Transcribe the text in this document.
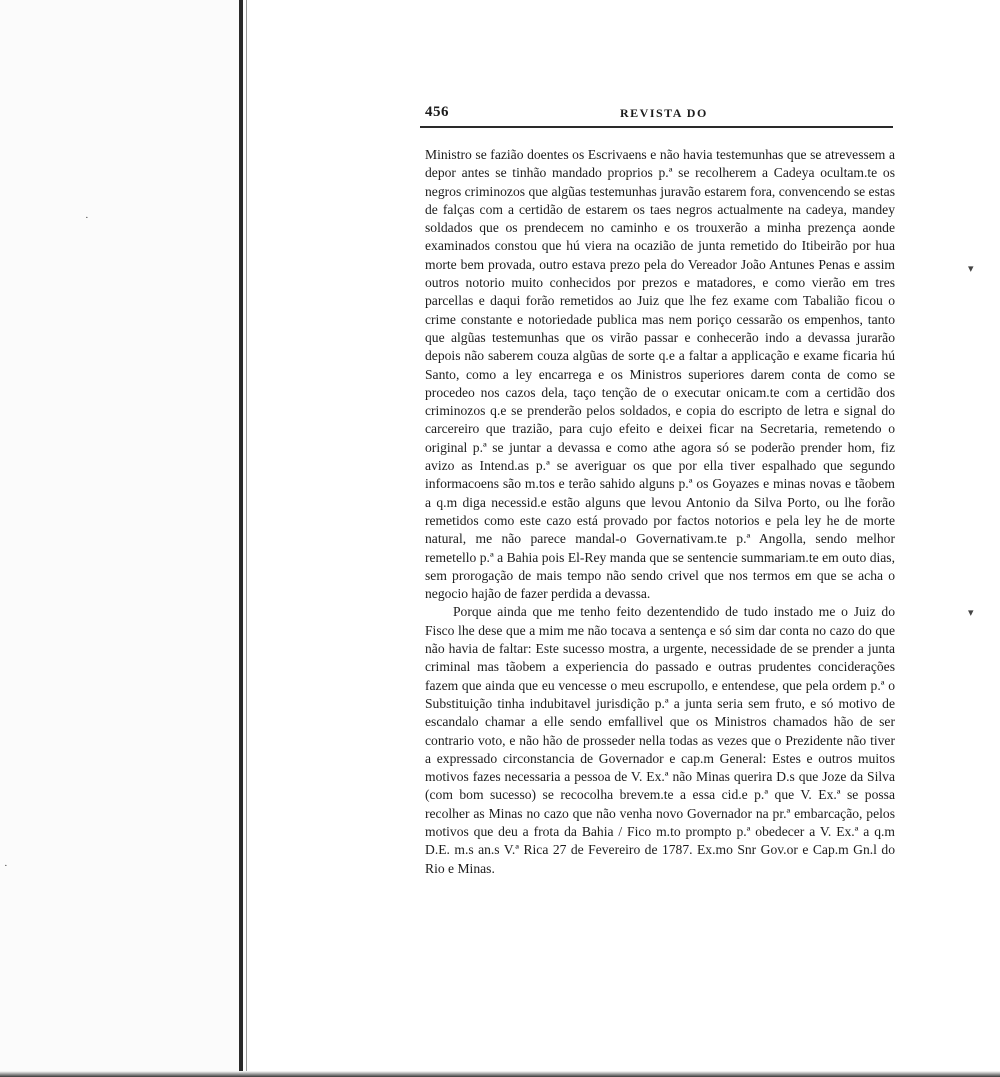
·
▾
▾
·
456	REVISTA DO

Ministro se fazião doentes os Escrivaens e não havia testemunhas que se atrevessem a depor antes se tinhão mandado proprios p.ª se recolherem a Cadeya ocultam.te os negros criminozos que algũas testemunhas juravão estarem fora, convencendo se estas de falças com a certidão de estarem os taes negros actualmente na cadeya, mandey soldados que os prendecem no caminho e os trouxerão a minha prezença aonde examinados constou que hú viera na ocazião de junta remetido do Itibeirão por hua morte bem provada, outro estava prezo pela do Vereador João Antunes Penas e assim outros notorio muito conhecidos por prezos e matadores, e como vierão em tres parcellas e daqui forão remetidos ao Juiz que lhe fez exame com Tabalião ficou o crime constante e notoriedade publica mas nem poriço cessarão os empenhos, tanto que algũas testemunhas que os virão passar e conhecerão indo a devassa jurarão depois não saberem couza algũas de sorte q.e a faltar a applicação e exame ficaria hú Santo, como a ley encarrega e os Ministros superiores darem conta de como se procedeo nos cazos dela, taço tenção de o executar onicam.te com a certidão dos criminozos q.e se prenderão pelos soldados, e copia do escripto de letra e signal do carcereiro que trazião, para cujo efeito e deixei ficar na Secretaria, remetendo o original p.ª se juntar a devassa e como athe agora só se poderão prender hom, fiz avizo as Intend.as p.ª se averiguar os que por ella tiver espalhado que segundo informacoens são m.tos e terão sahido alguns p.ª os Goyazes e minas novas e tãobem a q.m diga necessid.e estão alguns que levou Antonio da Silva Porto, ou lhe forão remetidos como este cazo está provado por factos notorios e pela ley he de morte natural, me não parece mandal-o Governativam.te p.ª Angolla, sendo melhor remetello p.ª a Bahia pois El-Rey manda que se sentencie summariam.te em outo dias, sem prorogação de mais tempo não sendo crivel que nos termos em que se acha o negocio hajão de fazer perdida a devassa.

Porque ainda que me tenho feito dezentendido de tudo instado me o Juiz do Fisco lhe dese que a mim me não tocava a sentença e só sim dar conta no cazo do que não havia de faltar: Este sucesso mostra, a urgente, necessidade de se prender a junta criminal mas tãobem a experiencia do passado e outras prudentes conciderações fazem que ainda que eu vencesse o meu escrupollo, e entendese, que pela ordem p.ª o Substituição tinha indubitavel jurisdição p.ª a junta seria sem fruto, e só motivo de escandalo chamar a elle sendo emfallivel que os Ministros chamados hão de ser contrario voto, e não hão de prosseder nella todas as vezes que o Prezidente não tiver a expressado circonstancia de Governador e cap.m General: Estes e outros muitos motivos fazes necessaria a pessoa de V. Ex.ª não Minas querira D.s que Joze da Silva (com bom sucesso) se recocolha brevem.te a essa cid.e p.ª que V. Ex.ª se possa recolher as Minas no cazo que não venha novo Governador na pr.ª embarcação, pelos motivos que deu a frota da Bahia / Fico m.to prompto p.ª obedecer a V. Ex.ª a q.m D.E. m.s an.s V.ª Rica 27 de Fevereiro de 1787. Ex.mo Snr Gov.or e Cap.m Gn.l do Rio e Minas.
